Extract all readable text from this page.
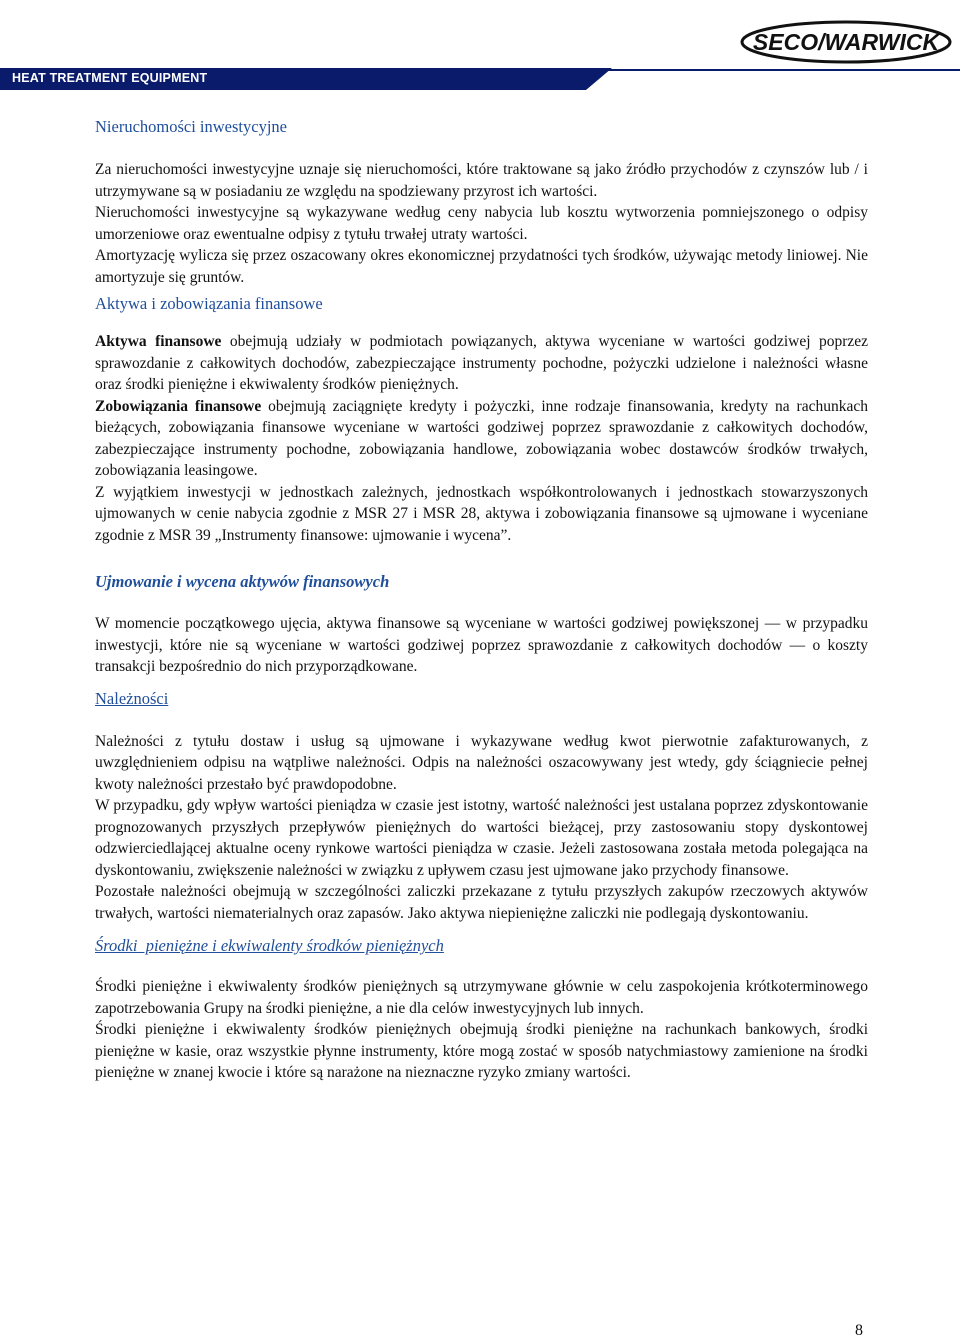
SECO/WARWICK
HEAT TREATMENT EQUIPMENT
Nieruchomości inwestycyjne

Za nieruchomości inwestycyjne uznaje się nieruchomości, które traktowane są jako źródło przychodów z czynszów lub / i utrzymywane są w posiadaniu ze względu na spodziewany przyrost ich wartości.

Nieruchomości inwestycyjne są wykazywane według ceny nabycia lub kosztu wytworzenia pomniejszonego o odpisy umorzeniowe oraz ewentualne odpisy z tytułu trwałej utraty wartości.

Amortyzację wylicza się przez oszacowany okres ekonomicznej przydatności tych środków, używając metody liniowej. Nie amortyzuje się gruntów.

Aktywa i zobowiązania finansowe

Aktywa finansowe obejmują udziały w podmiotach powiązanych, aktywa wyceniane w wartości godziwej poprzez sprawozdanie z całkowitych dochodów, zabezpieczające instrumenty pochodne, pożyczki udzielone i należności własne oraz środki pieniężne i ekwiwalenty środków pieniężnych.

Zobowiązania finansowe obejmują zaciągnięte kredyty i pożyczki, inne rodzaje finansowania, kredyty na rachunkach bieżących, zobowiązania finansowe wyceniane w wartości godziwej poprzez sprawozdanie z całkowitych dochodów, zabezpieczające instrumenty pochodne, zobowiązania handlowe, zobowiązania wobec dostawców środków trwałych, zobowiązania leasingowe.

Z wyjątkiem inwestycji w jednostkach zależnych, jednostkach współkontrolowanych i jednostkach stowarzyszonych ujmowanych w cenie nabycia zgodnie z MSR 27 i MSR 28, aktywa i zobowiązania finansowe są ujmowane i wyceniane zgodnie z MSR 39 „Instrumenty finansowe: ujmowanie i wycena”.

Ujmowanie i wycena aktywów finansowych

W momencie początkowego ujęcia, aktywa finansowe są wyceniane w wartości godziwej powiększonej — w przypadku inwestycji, które nie są wyceniane w wartości godziwej poprzez sprawozdanie z całkowitych dochodów — o koszty transakcji bezpośrednio do nich przyporządkowane.

Należności

Należności z tytułu dostaw i usług są ujmowane i wykazywane według kwot pierwotnie zafakturowanych, z uwzględnieniem odpisu na wątpliwe należności. Odpis na należności oszacowywany jest wtedy, gdy ściągniecie pełnej kwoty należności przestało być prawdopodobne.

W przypadku, gdy wpływ wartości pieniądza w czasie jest istotny, wartość należności jest ustalana poprzez zdyskontowanie prognozowanych przyszłych przepływów pieniężnych do wartości bieżącej, przy zastosowaniu stopy dyskontowej odzwierciedlającej aktualne oceny rynkowe wartości pieniądza w czasie. Jeżeli zastosowana została metoda polegająca na dyskontowaniu, zwiększenie należności w związku z upływem czasu jest ujmowane jako przychody finansowe.

Pozostałe należności obejmują w szczególności zaliczki przekazane z tytułu przyszłych zakupów rzeczowych aktywów trwałych, wartości niematerialnych oraz zapasów. Jako aktywa niepieniężne zaliczki nie podlegają dyskontowaniu.

Środki  pieniężne i ekwiwalenty środków pieniężnych

Środki pieniężne i ekwiwalenty środków pieniężnych są utrzymywane głównie w celu zaspokojenia krótkoterminowego zapotrzebowania Grupy na środki pieniężne, a nie dla celów inwestycyjnych lub innych.

Środki pieniężne i ekwiwalenty środków pieniężnych obejmują środki pieniężne na rachunkach bankowych, środki pieniężne w kasie, oraz wszystkie płynne instrumenty, które mogą zostać w sposób natychmiastowy zamienione na środki pieniężne w znanej kwocie i które są narażone na nieznaczne ryzyko zmiany wartości.

8
